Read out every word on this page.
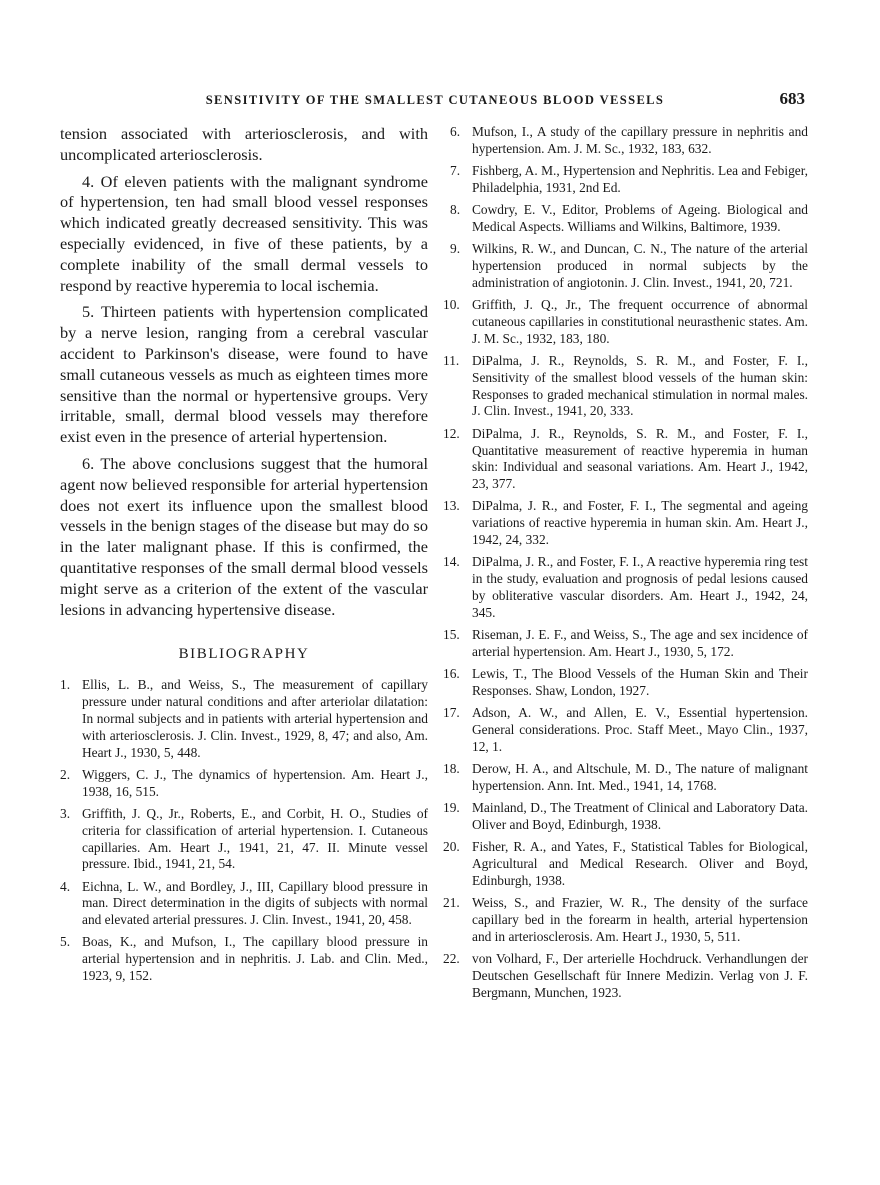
SENSITIVITY OF THE SMALLEST CUTANEOUS BLOOD VESSELS	683

tension associated with arteriosclerosis, and with uncomplicated arteriosclerosis.

4. Of eleven patients with the malignant syndrome of hypertension, ten had small blood vessel responses which indicated greatly decreased sensitivity. This was especially evidenced, in five of these patients, by a complete inability of the small dermal vessels to respond by reactive hyperemia to local ischemia.

5. Thirteen patients with hypertension complicated by a nerve lesion, ranging from a cerebral vascular accident to Parkinson's disease, were found to have small cutaneous vessels as much as eighteen times more sensitive than the normal or hypertensive groups. Very irritable, small, dermal blood vessels may therefore exist even in the presence of arterial hypertension.

6. The above conclusions suggest that the humoral agent now believed responsible for arterial hypertension does not exert its influence upon the smallest blood vessels in the benign stages of the disease but may do so in the later malignant phase. If this is confirmed, the quantitative responses of the small dermal blood vessels might serve as a criterion of the extent of the vascular lesions in advancing hypertensive disease.

BIBLIOGRAPHY
1. Ellis, L. B., and Weiss, S., The measurement of capillary pressure under natural conditions and after arteriolar dilatation: In normal subjects and in patients with arterial hypertension and with arteriosclerosis. J. Clin. Invest., 1929, 8, 47; and also, Am. Heart J., 1930, 5, 448.
2. Wiggers, C. J., The dynamics of hypertension. Am. Heart J., 1938, 16, 515.
3. Griffith, J. Q., Jr., Roberts, E., and Corbit, H. O., Studies of criteria for classification of arterial hypertension. I. Cutaneous capillaries. Am. Heart J., 1941, 21, 47. II. Minute vessel pressure. Ibid., 1941, 21, 54.
4. Eichna, L. W., and Bordley, J., III, Capillary blood pressure in man. Direct determination in the digits of subjects with normal and elevated arterial pressures. J. Clin. Invest., 1941, 20, 458.
5. Boas, K., and Mufson, I., The capillary blood pressure in arterial hypertension and in nephritis. J. Lab. and Clin. Med., 1923, 9, 152.
6. Mufson, I., A study of the capillary pressure in nephritis and hypertension. Am. J. M. Sc., 1932, 183, 632.
7. Fishberg, A. M., Hypertension and Nephritis. Lea and Febiger, Philadelphia, 1931, 2nd Ed.
8. Cowdry, E. V., Editor, Problems of Ageing. Biological and Medical Aspects. Williams and Wilkins, Baltimore, 1939.
9. Wilkins, R. W., and Duncan, C. N., The nature of the arterial hypertension produced in normal subjects by the administration of angiotonin. J. Clin. Invest., 1941, 20, 721.
10. Griffith, J. Q., Jr., The frequent occurrence of abnormal cutaneous capillaries in constitutional neurasthenic states. Am. J. M. Sc., 1932, 183, 180.
11. DiPalma, J. R., Reynolds, S. R. M., and Foster, F. I., Sensitivity of the smallest blood vessels of the human skin: Responses to graded mechanical stimulation in normal males. J. Clin. Invest., 1941, 20, 333.
12. DiPalma, J. R., Reynolds, S. R. M., and Foster, F. I., Quantitative measurement of reactive hyperemia in human skin: Individual and seasonal variations. Am. Heart J., 1942, 23, 377.
13. DiPalma, J. R., and Foster, F. I., The segmental and ageing variations of reactive hyperemia in human skin. Am. Heart J., 1942, 24, 332.
14. DiPalma, J. R., and Foster, F. I., A reactive hyperemia ring test in the study, evaluation and prognosis of pedal lesions caused by obliterative vascular disorders. Am. Heart J., 1942, 24, 345.
15. Riseman, J. E. F., and Weiss, S., The age and sex incidence of arterial hypertension. Am. Heart J., 1930, 5, 172.
16. Lewis, T., The Blood Vessels of the Human Skin and Their Responses. Shaw, London, 1927.
17. Adson, A. W., and Allen, E. V., Essential hypertension. General considerations. Proc. Staff Meet., Mayo Clin., 1937, 12, 1.
18. Derow, H. A., and Altschule, M. D., The nature of malignant hypertension. Ann. Int. Med., 1941, 14, 1768.
19. Mainland, D., The Treatment of Clinical and Laboratory Data. Oliver and Boyd, Edinburgh, 1938.
20. Fisher, R. A., and Yates, F., Statistical Tables for Biological, Agricultural and Medical Research. Oliver and Boyd, Edinburgh, 1938.
21. Weiss, S., and Frazier, W. R., The density of the surface capillary bed in the forearm in health, arterial hypertension and in arteriosclerosis. Am. Heart J., 1930, 5, 511.
22. von Volhard, F., Der arterielle Hochdruck. Verhandlungen der Deutschen Gesellschaft für Innere Medizin. Verlag von J. F. Bergmann, Munchen, 1923.
